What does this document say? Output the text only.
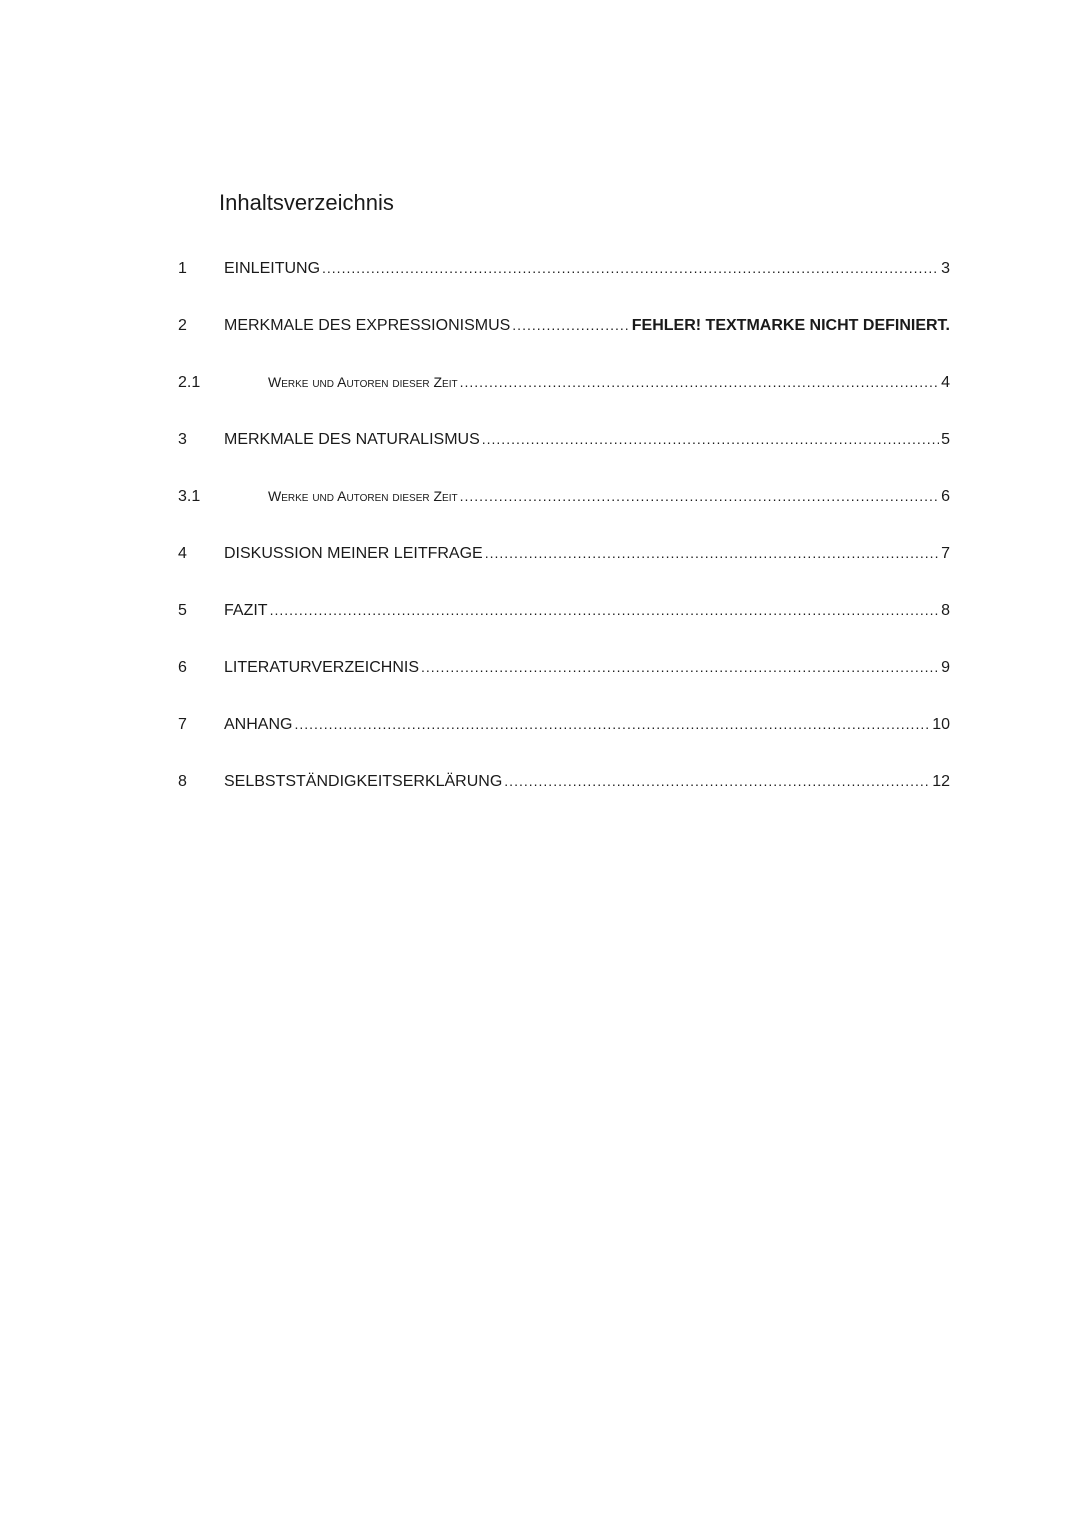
Inhaltsverzeichnis
1	EINLEITUNG .....	3
2	MERKMALE DES EXPRESSIONISMUS .....	FEHLER! TEXTMARKE NICHT DEFINIERT.
2.1	Werke und Autoren dieser Zeit .....	4
3	MERKMALE DES NATURALISMUS .....	5
3.1	Werke und Autoren dieser Zeit .....	6
4	DISKUSSION MEINER LEITFRAGE .....	7
5	FAZIT .....	8
6	LITERATURVERZEICHNIS .....	9
7	ANHANG .....	10
8	SELBSTSTÄNDIGKEITSERKLÄRUNG .....	12
